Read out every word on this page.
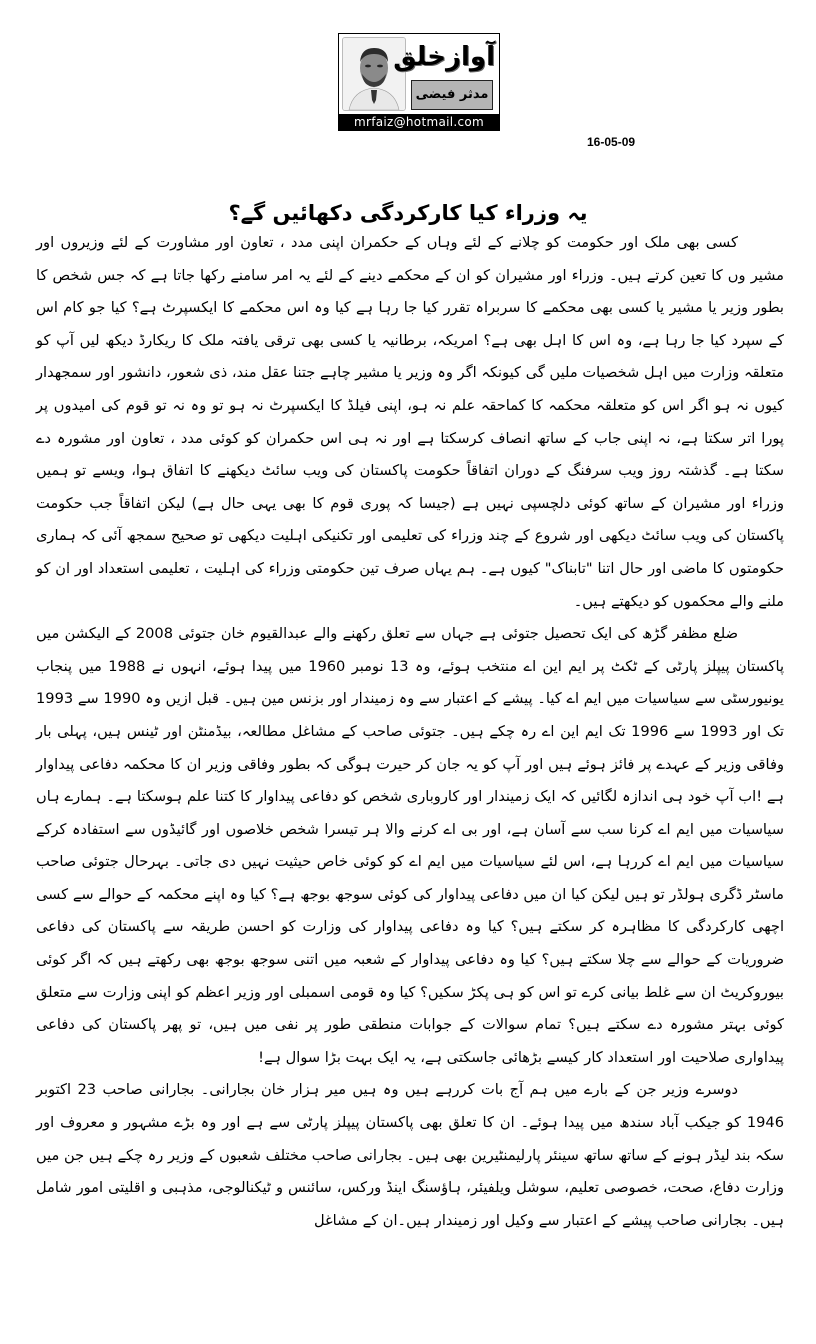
آوازخلق
مدثر فیضی
mrfaiz@hotmail.com
16-05-09
یہ وزراء کیا کارکردگی دکھائیں گے؟

کسی بھی ملک اور حکومت کو چلانے کے لئے وہاں کے حکمران اپنی مدد ، تعاون اور مشاورت کے لئے وزیروں اور مشیر وں کا تعین کرتے ہیں۔ وزراء اور مشیران کو ان کے محکمے دینے کے لئے یہ امر سامنے رکھا جاتا ہے کہ جس شخص کا بطور وزیر یا مشیر یا کسی بھی محکمے کا سربراہ تقرر کیا جا رہا ہے کیا وہ اس محکمے کا ایکسپرٹ ہے؟ کیا جو کام اس کے سپرد کیا جا رہا ہے، وہ اس کا اہل بھی ہے؟ امریکہ، برطانیہ یا کسی بھی ترقی یافتہ ملک کا ریکارڈ دیکھ لیں آپ کو متعلقہ وزارت میں اہل شخصیات ملیں گی کیونکہ اگر وہ وزیر یا مشیر چاہے جتنا عقل مند، ذی شعور، دانشور اور سمجھدار کیوں نہ ہو اگر اس کو متعلقہ محکمہ کا کماحقہ علم نہ ہو، اپنی فیلڈ کا ایکسپرٹ نہ ہو تو وہ نہ تو قوم کی امیدوں پر پورا اتر سکتا ہے، نہ اپنی جاب کے ساتھ انصاف کرسکتا ہے اور نہ ہی اس حکمران کو کوئی مدد ، تعاون اور مشورہ دے سکتا ہے۔ گذشتہ روز ویب سرفنگ کے دوران اتفاقاً حکومت پاکستان کی ویب سائٹ دیکھنے کا اتفاق ہوا، ویسے تو ہمیں وزراء اور مشیران کے ساتھ کوئی دلچسپی نہیں ہے (جیسا کہ پوری قوم کا بھی یہی حال ہے) لیکن اتفاقاً جب حکومت پاکستان کی ویب سائٹ دیکھی اور شروع کے چند وزراء کی تعلیمی اور تکنیکی اہلیت دیکھی تو صحیح سمجھ آئی کہ ہماری حکومتوں کا ماضی اور حال اتنا "تابناک" کیوں ہے۔ ہم یہاں صرف تین حکومتی وزراء کی اہلیت ، تعلیمی استعداد اور ان کو ملنے والے محکموں کو دیکھتے ہیں۔

ضلع مظفر گڑھ کی ایک تحصیل جتوئی ہے جہاں سے تعلق رکھنے والے عبدالقیوم خان جتوئی 2008 کے الیکشن میں پاکستان پیپلز پارٹی کے ٹکٹ پر ایم این اے منتخب ہوئے، وہ 13 نومبر 1960 میں پیدا ہوئے، انہوں نے 1988 میں پنجاب یونیورسٹی سے سیاسیات میں ایم اے کیا۔ پیشے کے اعتبار سے وہ زمیندار اور بزنس مین ہیں۔ قبل ازیں وہ 1990 سے 1993 تک اور 1993 سے 1996 تک ایم این اے رہ چکے ہیں۔ جتوئی صاحب کے مشاغل مطالعہ، بیڈمنٹن اور ٹینس ہیں، پہلی بار وفاقی وزیر کے عہدے پر فائز ہوئے ہیں اور آپ کو یہ جان کر حیرت ہوگی کہ بطور وفاقی وزیر ان کا محکمہ دفاعی پیداوار ہے !اب آپ خود ہی اندازہ لگائیں کہ ایک زمیندار اور کاروباری شخص کو دفاعی پیداوار کا کتنا علم ہوسکتا ہے۔ ہمارے ہاں سیاسیات میں ایم اے کرنا سب سے آسان ہے، اور بی اے کرنے والا ہر تیسرا شخص خلاصوں اور گائیڈوں سے استفادہ کرکے سیاسیات میں ایم اے کررہا ہے، اس لئے سیاسیات میں ایم اے کو کوئی خاص حیثیت نہیں دی جاتی۔ بہرحال جتوئی صاحب ماسٹر ڈگری ہولڈر تو ہیں لیکن کیا ان میں دفاعی پیداوار کی کوئی سوجھ بوجھ ہے؟ کیا وہ اپنے محکمہ کے حوالے سے کسی اچھی کارکردگی کا مظاہرہ کر سکتے ہیں؟ کیا وہ دفاعی پیداوار کی وزارت کو احسن طریقہ سے پاکستان کی دفاعی ضروریات کے حوالے سے چلا سکتے ہیں؟ کیا وہ دفاعی پیداوار کے شعبہ میں اتنی سوجھ بوجھ بھی رکھتے ہیں کہ اگر کوئی بیوروکریٹ ان سے غلط بیانی کرے تو اس کو ہی پکڑ سکیں؟ کیا وہ قومی اسمبلی اور وزیر اعظم کو اپنی وزارت سے متعلق کوئی بہتر مشورہ دے سکتے ہیں؟ تمام سوالات کے جوابات منطقی طور پر نفی میں ہیں، تو پھر پاکستان کی دفاعی پیداواری صلاحیت اور استعداد کار کیسے بڑھائی جاسکتی ہے، یہ ایک بہت بڑا سوال ہے!

دوسرے وزیر جن کے بارے میں ہم آج بات کررہے ہیں وہ ہیں میر ہزار خان بجارانی۔ بجارانی صاحب 23 اکتوبر 1946 کو جیکب آباد سندھ میں پیدا ہوئے۔ ان کا تعلق بھی پاکستان پیپلز پارٹی سے ہے اور وہ بڑے مشہور و معروف اور سکہ بند لیڈر ہونے کے ساتھ ساتھ سینئر پارلیمنٹیرین بھی ہیں۔ بجارانی صاحب مختلف شعبوں کے وزیر رہ چکے ہیں جن میں وزارت دفاع، صحت، خصوصی تعلیم، سوشل ویلفیئر، ہاؤسنگ اینڈ ورکس، سائنس و ٹیکنالوجی، مذہبی و اقلیتی امور شامل ہیں۔ بجارانی صاحب پیشے کے اعتبار سے وکیل اور زمیندار ہیں۔ان کے مشاغل
